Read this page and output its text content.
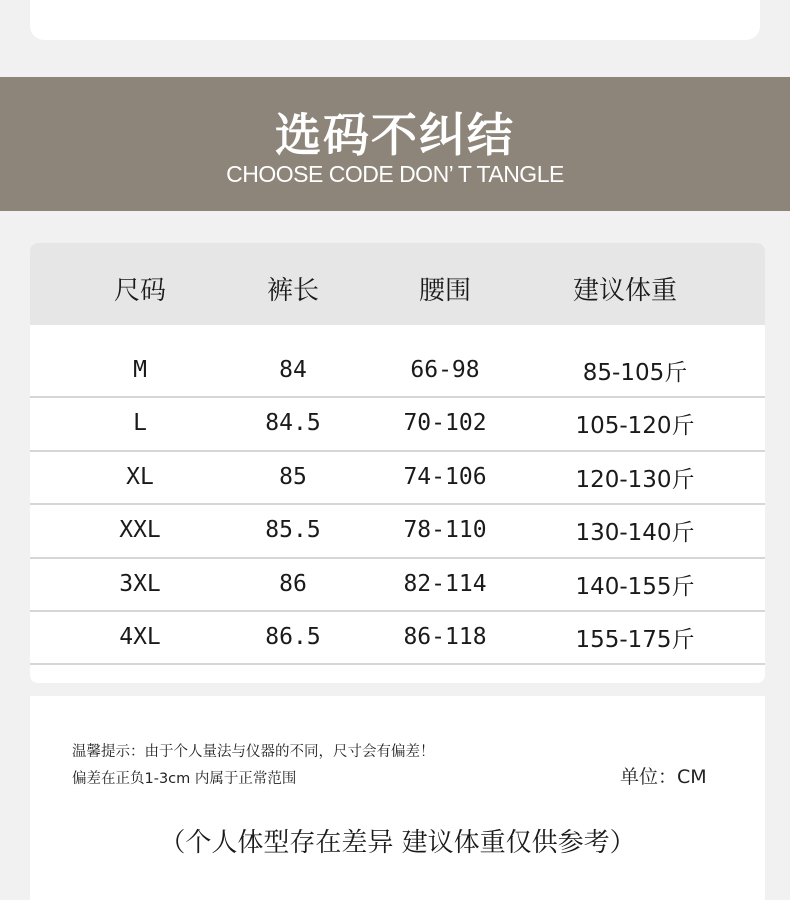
选码不纠结
CHOOSE CODE DON’ T TANGLE
尺码	裤长	腰围	建议体重
M	84	66-98	85-105斤
L	84.5	70-102	105-120斤
XL	85	74-106	120-130斤
XXL	85.5	78-110	130-140斤
3XL	86	82-114	140-155斤
4XL	86.5	86-118	155-175斤
温馨提示：由于个人量法与仪器的不同，尺寸会有偏差！
偏差在正负1-3cm 内属于正常范围	单位：CM
（个人体型存在差异 建议体重仅供参考）
